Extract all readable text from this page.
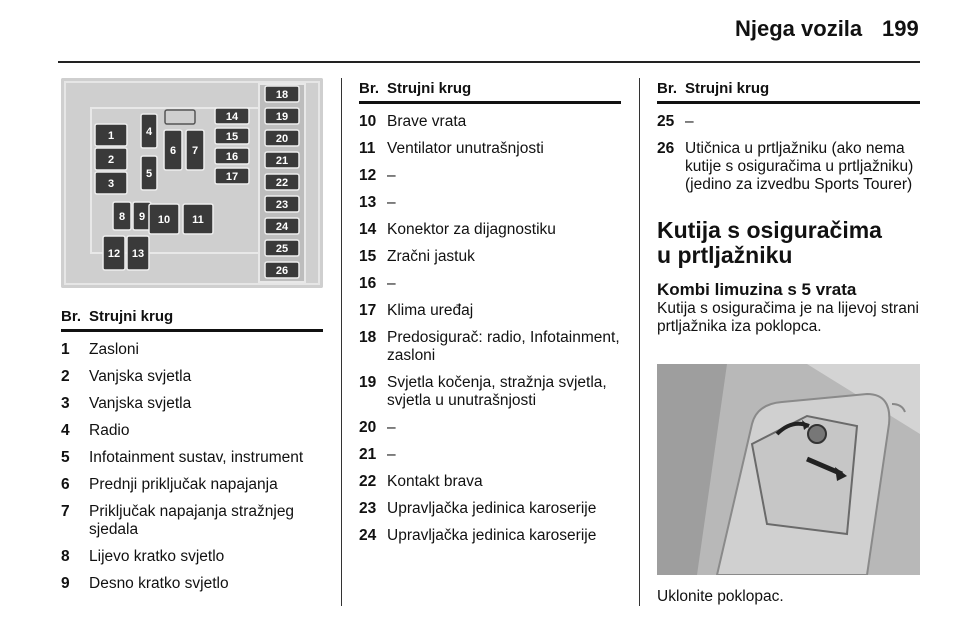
Njega vozila 199
1
2
3
4
5
6 7
8 9 10 11
12 13
14
15
16
17
18
19
20
21
22
23
24
25
26
Br. Strujni krug
1	Zasloni
2	Vanjska svjetla
3	Vanjska svjetla
4	Radio
5	Infotainment sustav, instrument
6	Prednji priključak napajanja
7	Priključak napajanja stražnjeg sjedala
8	Lijevo kratko svjetlo
9	Desno kratko svjetlo
Br. Strujni krug
10 Brave vrata
11 Ventilator unutrašnjosti
12 –
13 –
14 Konektor za dijagnostiku
15 Zračni jastuk
16 –
17 Klima uređaj
18 Predosigurač: radio, Infotainment, zasloni
19 Svjetla kočenja, stražnja svjetla, svjetla u unutrašnjosti
20 –
21 –
22 Kontakt brava
23 Upravljačka jedinica karoserije
24 Upravljačka jedinica karoserije
Br. Strujni krug
25 –
26 Utičnica u prtljažniku (ako nema kutije s osiguračima u prtljažniku) (jedino za izvedbu Sports Tourer)
Kutija s osiguračima
u prtljažniku
Kombi limuzina s 5 vrata
Kutija s osiguračima je na lijevoj strani prtljažnika iza poklopca.
Uklonite poklopac.
